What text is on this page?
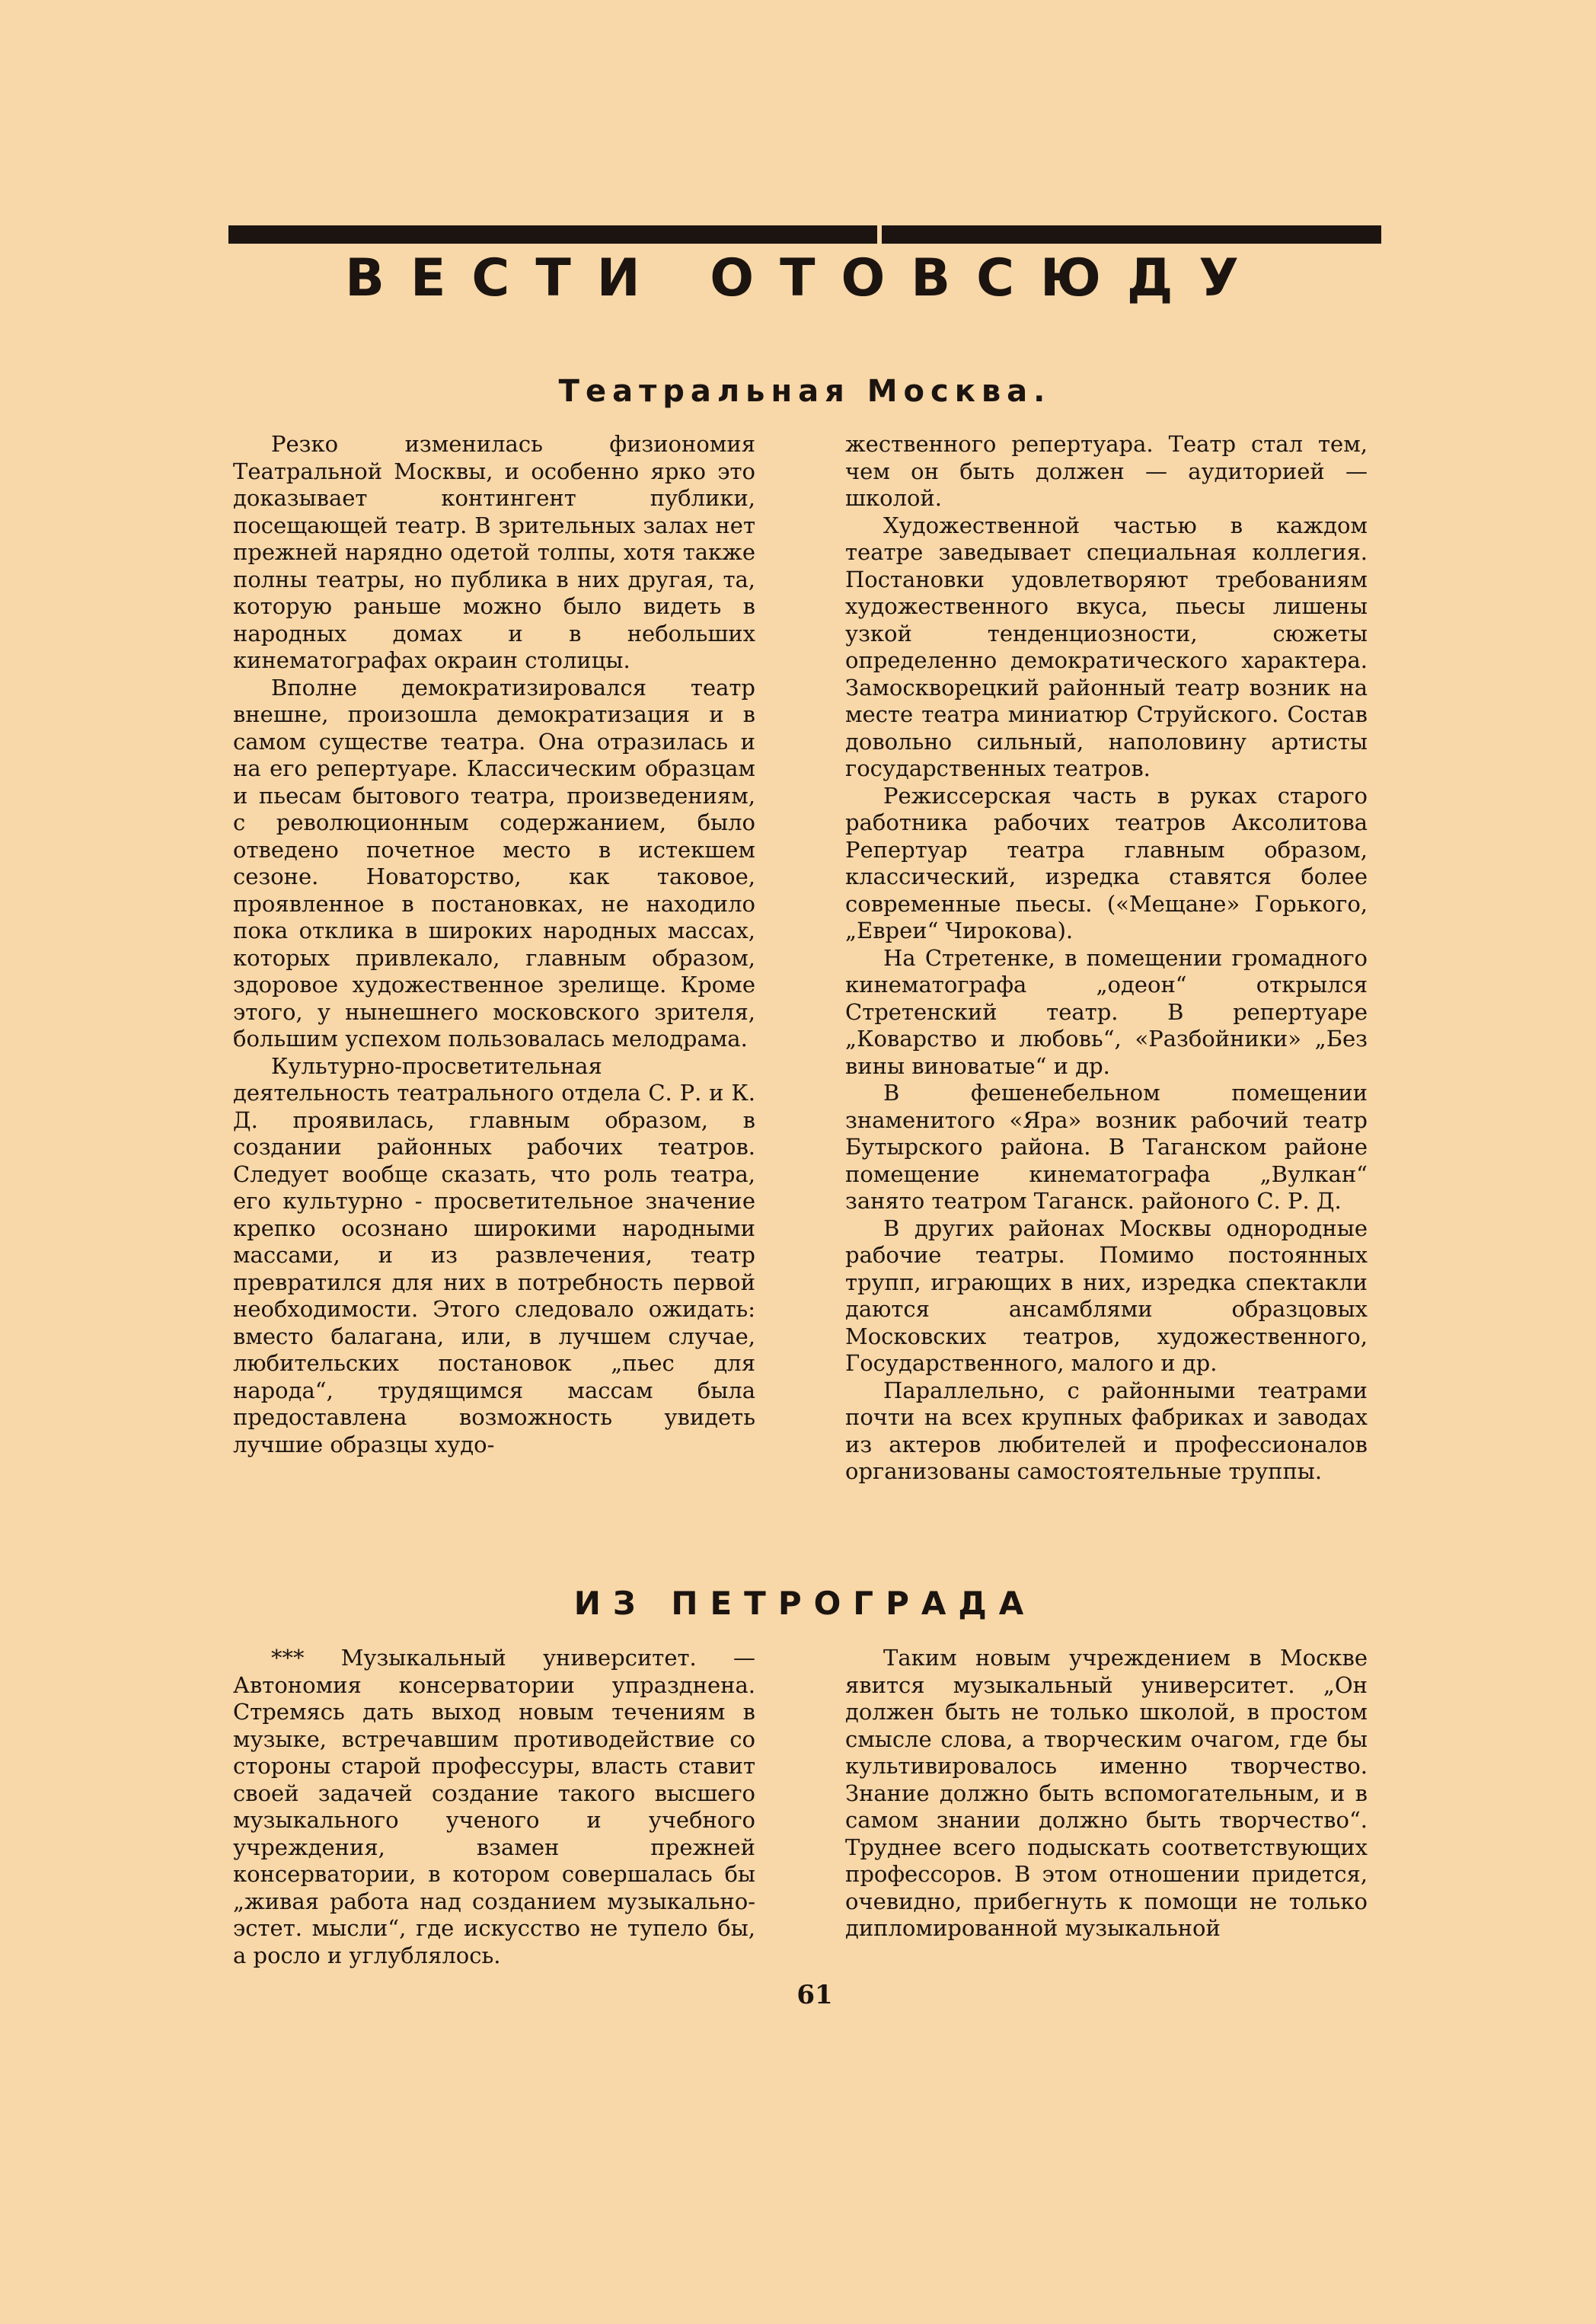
ВЕСТИ ОТОВСЮДУ
Театральная Москва.

Резко изменилась физиономия Театральной Москвы, и особенно ярко это доказывает контингент публики, посещающей театр. В зрительных залах нет прежней нарядно одетой толпы, хотя также полны театры, но публика в них другая, та, которую раньше можно было видеть в народных домах и в небольших кинематографах окраин столицы.

Вполне демократизировался театр внешне, произошла демократизация и в самом существе театра. Она отразилась и на его репертуаре. Классическим образцам и пьесам бытового театра, произведениям, с революционным содержанием, было отведено почетное место в истекшем сезоне. Новаторство, как таковое, проявленное в постановках, не находило пока отклика в широких народных массах, которых привлекало, главным образом, здоровое художественное зрелище. Кроме этого, у нынешнего московского зрителя, большим успехом пользовалась мелодрама.

Культурно-просветительная деятельность театрального отдела С. Р. и К. Д. проявилась, главным образом, в создании районных рабочих театров. Следует вообще сказать, что роль театра, его культурно - просветительное значение крепко осознано широкими народными массами, и из развлечения, театр превратился для них в потребность первой необходимости. Этого следовало ожидать: вместо балагана, или, в лучшем случае, любительских постановок „пьес для народа“, трудящимся массам была предоставлена возможность увидеть лучшие образцы худо-

жественного репертуара. Театр стал тем, чем он быть должен — аудиторией — школой.

Художественной частью в каждом театре заведывает специальная коллегия. Постановки удовлетворяют требованиям художественного вкуса, пьесы лишены узкой тенденциозности, сюжеты определенно демократического характера. Замоскворецкий районный театр возник на месте театра миниатюр Струйского. Состав довольно сильный, наполовину артисты государственных театров.

Режиссерская часть в руках старого работника рабочих театров Аксолитова Репертуар театра главным образом, классический, изредка ставятся более современные пьесы. («Мещане» Горького, „Евреи“ Чирокова).

На Стретенке, в помещении громадного кинематографа „одеон“ открылся Стретенский театр. В репертуаре „Коварство и любовь“, «Разбойники» „Без вины виноватые“ и др.

В фешенебельном помещении знаменитого «Яра» возник рабочий театр Бутырского района. В Таганском районе помещение кинематографа „Вулкан“ занято театром Таганск. районого С. Р. Д.

В других районах Москвы однородные рабочие театры. Помимо постоянных трупп, играющих в них, изредка спектакли даются ансамблями образцовых Московских театров, художественного, Государственного, малого и др.

Параллельно, с районными театрами почти на всех крупных фабриках и заводах из актеров любителей и профессионалов организованы самостоятельные труппы.

ИЗ ПЕТРОГРАДА

*** Музыкальный университет. — Автономия консерватории упразднена. Стремясь дать выход новым течениям в музыке, встречавшим противодействие со стороны старой профессуры, власть ставит своей задачей создание такого высшего музыкального ученого и учебного учреждения, взамен прежней консерватории, в котором совершалась бы „живая работа над созданием музыкально-эстет. мысли“, где искусство не тупело бы, а росло и углублялось.

Таким новым учреждением в Москве явится музыкальный университет. „Он должен быть не только школой, в простом смысле слова, а творческим очагом, где бы культивировалось именно творчество. Знание должно быть вспомогательным, и в самом знании должно быть творчество“. Труднее всего подыскать соответствующих профессоров. В этом отношении придется, очевидно, прибегнуть к помощи не только дипломированной музыкальной

61
